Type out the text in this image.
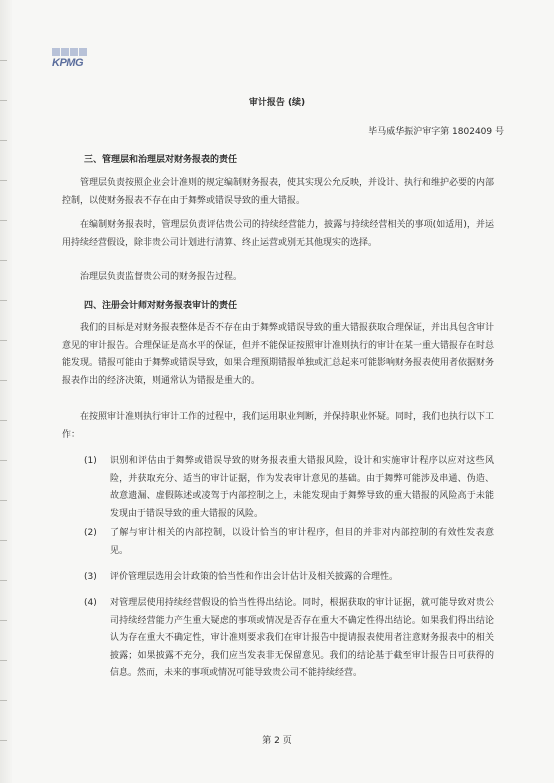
KPMG
审计报告 (续)
毕马威华振沪审字第 1802409 号
三、管理层和治理层对财务报表的责任

管理层负责按照企业会计准则的规定编制财务报表，使其实现公允反映，并设计、执行和维护必要的内部控制，以使财务报表不存在由于舞弊或错误导致的重大错报。

在编制财务报表时，管理层负责评估贵公司的持续经营能力，披露与持续经营相关的事项(如适用)，并运用持续经营假设，除非贵公司计划进行清算、终止运营或别无其他现实的选择。

治理层负责监督贵公司的财务报告过程。

四、注册会计师对财务报表审计的责任

我们的目标是对财务报表整体是否不存在由于舞弊或错误导致的重大错报获取合理保证，并出具包含审计意见的审计报告。合理保证是高水平的保证，但并不能保证按照审计准则执行的审计在某一重大错报存在时总能发现。错报可能由于舞弊或错误导致，如果合理预期错报单独或汇总起来可能影响财务报表使用者依据财务报表作出的经济决策，则通常认为错报是重大的。

在按照审计准则执行审计工作的过程中，我们运用职业判断，并保持职业怀疑。同时，我们也执行以下工作：

(1)	识别和评估由于舞弊或错误导致的财务报表重大错报风险，设计和实施审计程序以应对这些风险，并获取充分、适当的审计证据，作为发表审计意见的基础。由于舞弊可能涉及串通、伪造、故意遗漏、虚假陈述或凌驾于内部控制之上，未能发现由于舞弊导致的重大错报的风险高于未能发现由于错误导致的重大错报的风险。
(2)	了解与审计相关的内部控制，以设计恰当的审计程序，但目的并非对内部控制的有效性发表意见。
(3)	评价管理层选用会计政策的恰当性和作出会计估计及相关披露的合理性。
(4)	对管理层使用持续经营假设的恰当性得出结论。同时，根据获取的审计证据，就可能导致对贵公司持续经营能力产生重大疑虑的事项或情况是否存在重大不确定性得出结论。如果我们得出结论认为存在重大不确定性，审计准则要求我们在审计报告中提请报表使用者注意财务报表中的相关披露；如果披露不充分，我们应当发表非无保留意见。我们的结论基于截至审计报告日可获得的信息。然而，未来的事项或情况可能导致贵公司不能持续经营。
第 2 页
